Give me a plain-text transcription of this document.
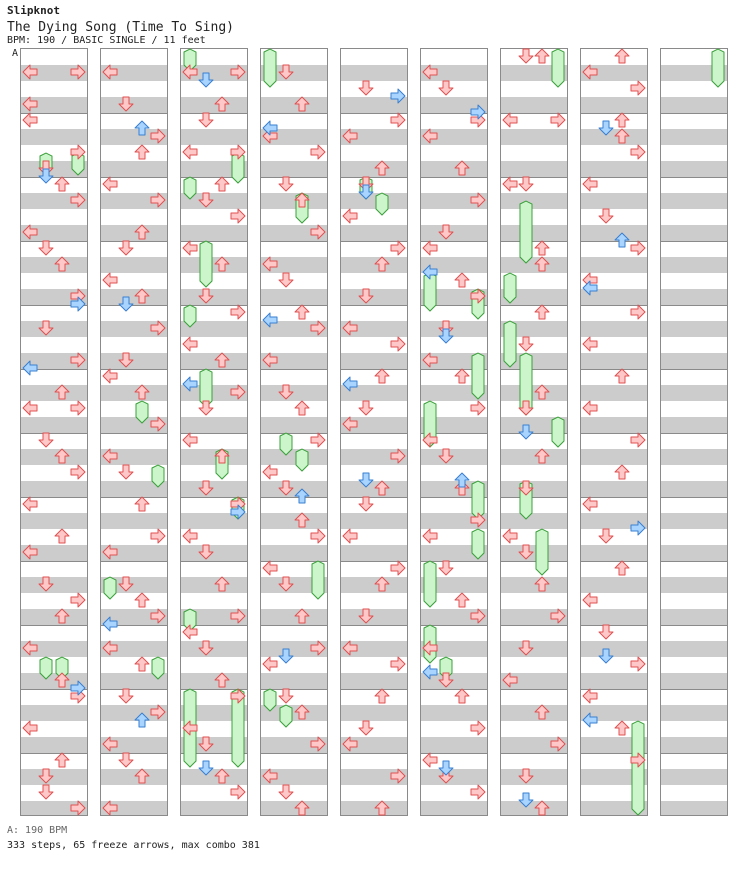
Slipknot
The Dying Song (Time To Sing)
BPM: 190 / BASIC SINGLE / 11 feet
A
A: 190 BPM
333 steps, 65 freeze arrows, max combo 381
